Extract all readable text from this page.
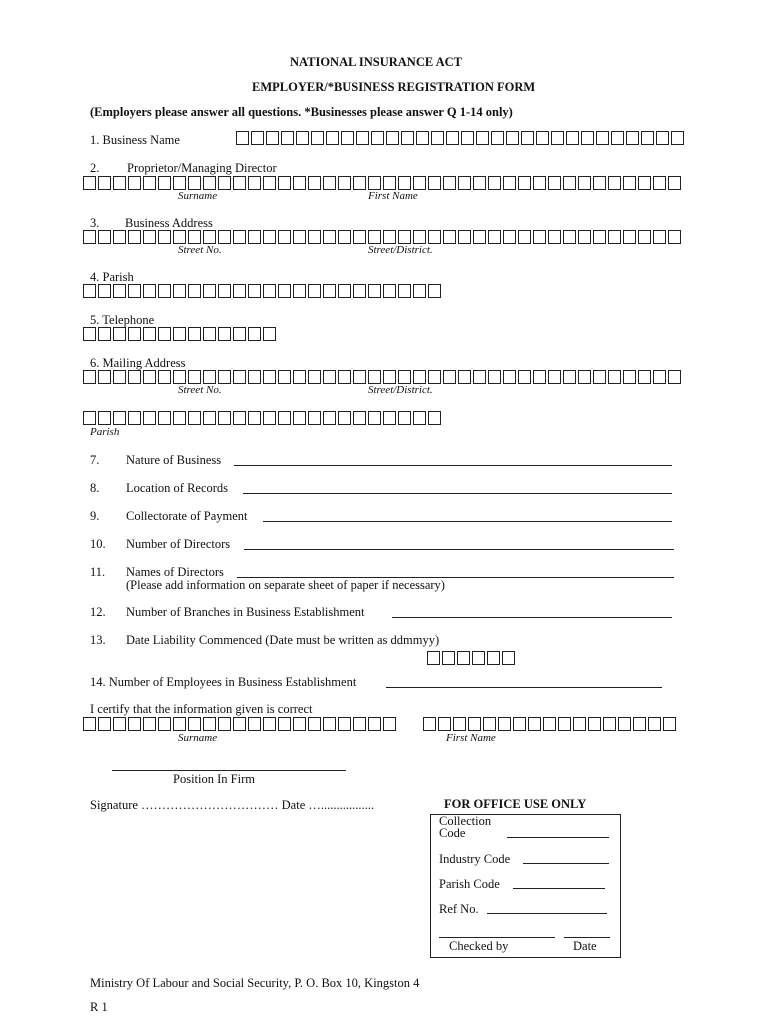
NATIONAL INSURANCE ACT
EMPLOYER/*BUSINESS REGISTRATION FORM
(Employers please answer all questions. *Businesses please answer Q 1-14 only)
1. Business Name
2. Proprietor/Managing Director
Surname	First Name
3. Business Address
Street No.	Street/District.
4. Parish
5. Telephone
6. Mailing Address
Street No.	Street/District.
Parish
7. Nature of Business
8. Location of Records
9. Collectorate of Payment
10. Number of Directors
11. Names of Directors
(Please add information on separate sheet of paper if necessary)
12. Number of Branches in Business Establishment
13. Date Liability Commenced (Date must be written as ddmmyy)
14. Number of Employees in Business Establishment
I certify that the information given is correct
Surname	First Name
Position In Firm
Signature …………………………… Date ….................	FOR OFFICE USE ONLY
Collection
Code
Industry Code
Parish Code
Ref No.
Checked by	Date
Ministry Of Labour and Social Security, P. O. Box 10, Kingston 4
R 1
